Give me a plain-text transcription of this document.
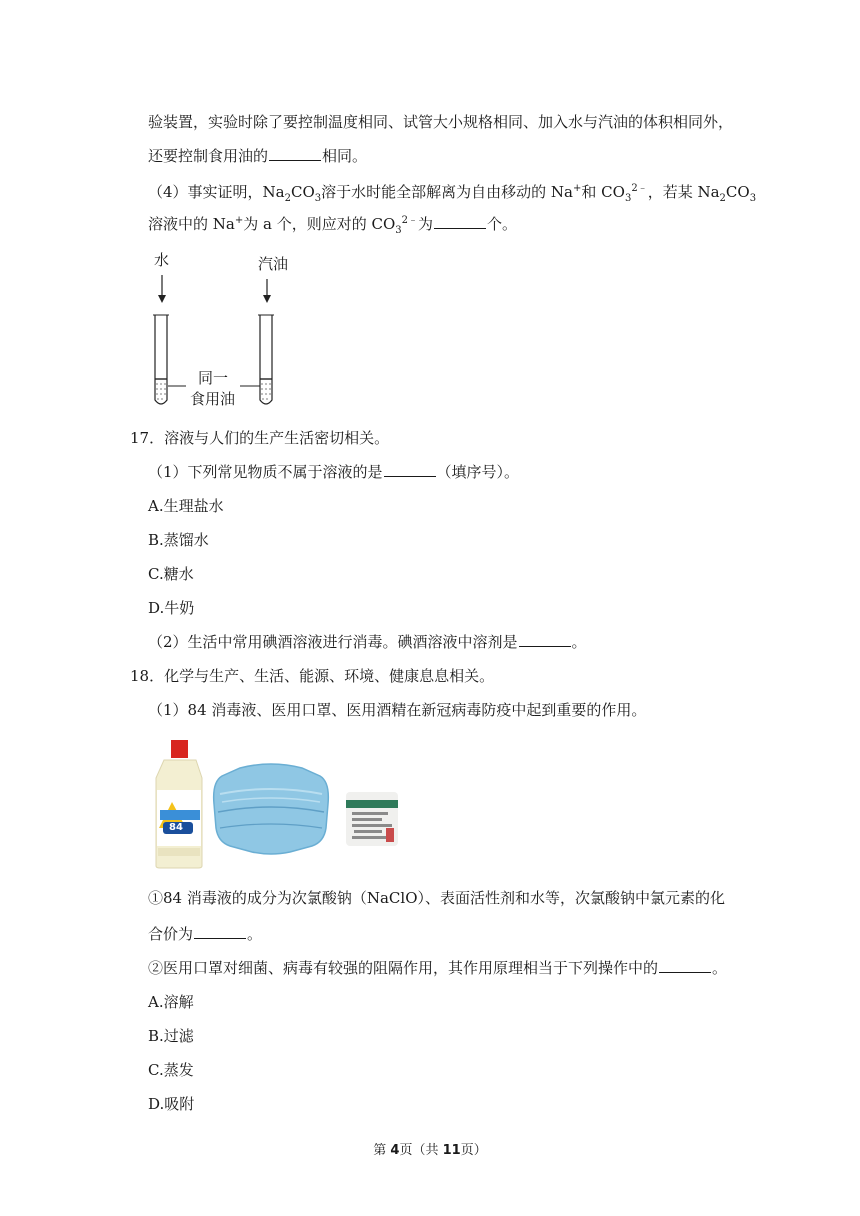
验装置，实验时除了要控制温度相同、试管大小规格相同、加入水与汽油的体积相同外，
还要控制食用油的	相同。
（4）事实证明，$Na_2CO_3$溶于水时能全部解离为自由移动的 Na+和 $CO_3^{2﹣}$，若某 $Na_2CO_3$
溶液中的 Na+为 a 个，则应对的 $CO_3^{2﹣}$为	个。
水	汽油
同一
食用油
17．溶液与人们的生产生活密切相关。
（1）下列常见物质不属于溶液的是	（填序号）。
A.生理盐水
B.蒸馏水
C.糖水
D.牛奶
（2）生活中常用碘酒溶液进行消毒。碘酒溶液中溶剂是	。
18．化学与生产、生活、能源、环境、健康息息相关。
（1）84 消毒液、医用口罩、医用酒精在新冠病毒防疫中起到重要的作用。
84
①84 消毒液的成分为次氯酸钠（NaClO）、表面活性剂和水等，次氯酸钠中氯元素的化
合价为	。
②医用口罩对细菌、病毒有较强的阻隔作用，其作用原理相当于下列操作中的	。
A.溶解
B.过滤
C.蒸发
D.吸附
第 4页（共 11页）
